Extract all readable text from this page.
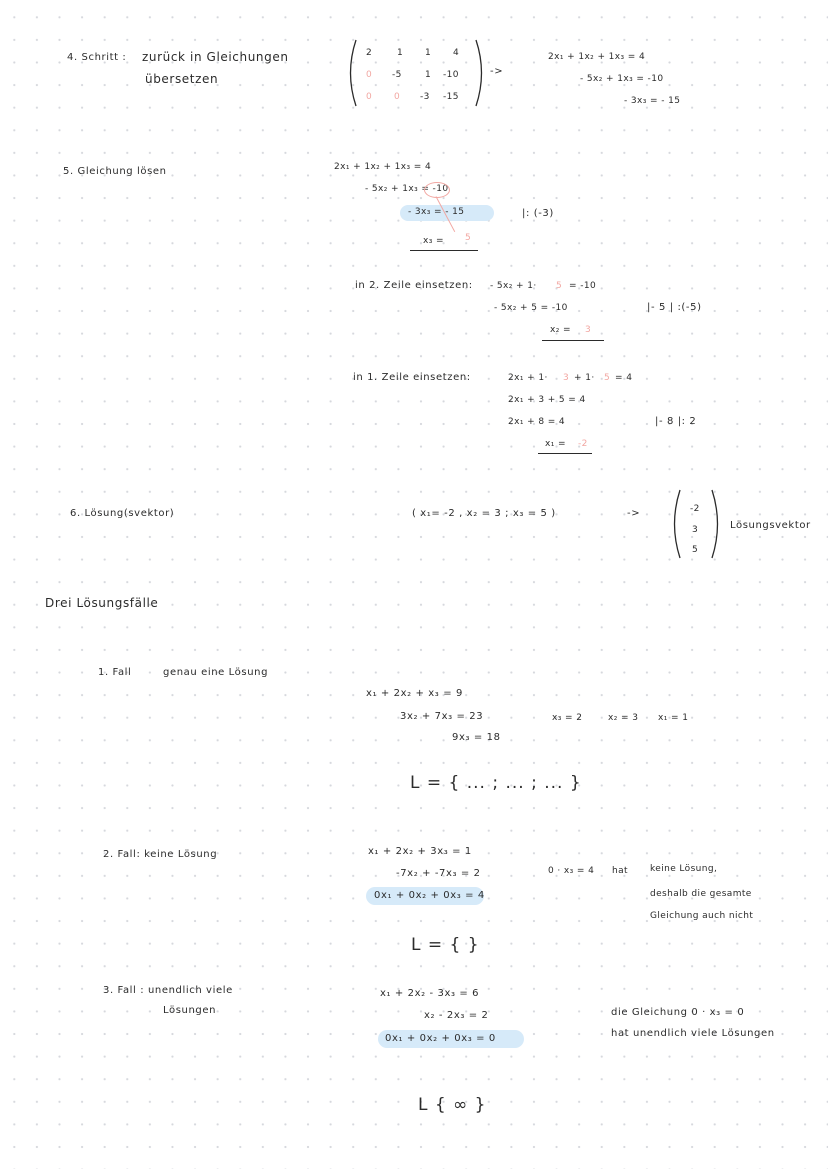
4. Schritt : zurück in Gleichungen
übersetzen
2	1 1 4
0 -5	1 -10
0 0 -3 -15
->
2x₁ + 1x₂ + 1x₃ = 4
- 5x₂ + 1x₃ = -10
- 3x₃ = - 15
5. Gleichung lösen	2x₁ + 1x₂ + 1x₃ = 4
- 5x₂ + 1x₃ = -10
- 3x₃ = - 15	|: (-3)
x₃ = 5
in 2. Zeile einsetzen: - 5x₂ + 1· 5 = -10
- 5x₂ + 5 = -10	|- 5 | :(-5)
x₂ = 3
in 1. Zeile einsetzen:	2x₁ + 1· 3 + 1· 5 = 4
2x₁ + 3 + 5 = 4
2x₁ + 8 = 4	|- 8 |: 2
x₁ = -2
6. Lösung(svektor)	( x₁= -2 , x₂ = 3 ; x₃ = 5 )	->	-2
3
5
Lösungsvektor
Drei Lösungsfälle
1. Fall	genau eine Lösung
x₁ + 2x₂ + x₃ = 9
3x₂ + 7x₃ = 23
9x₃ = 18
x₃ = 2	x₂ = 3 x₁ = 1
L = { ... ; ... ; ... }
2. Fall: keine Lösung	x₁ + 2x₂ + 3x₃ = 1
-7x₂ + -7x₃ = 2
0x₁ + 0x₂ + 0x₃ = 4
0 · x₃ = 4 hat keine Lösung,
deshalb die gesamte
Gleichung auch nicht
L = { }
3. Fall : unendlich viele
Lösungen
x₁ + 2x₂ - 3x₃ = 6
x₂ - 2x₃ = 2
0x₁ + 0x₂ + 0x₃ = 0
die Gleichung 0 · x₃ = 0
hat unendlich viele Lösungen
L { ∞ }
